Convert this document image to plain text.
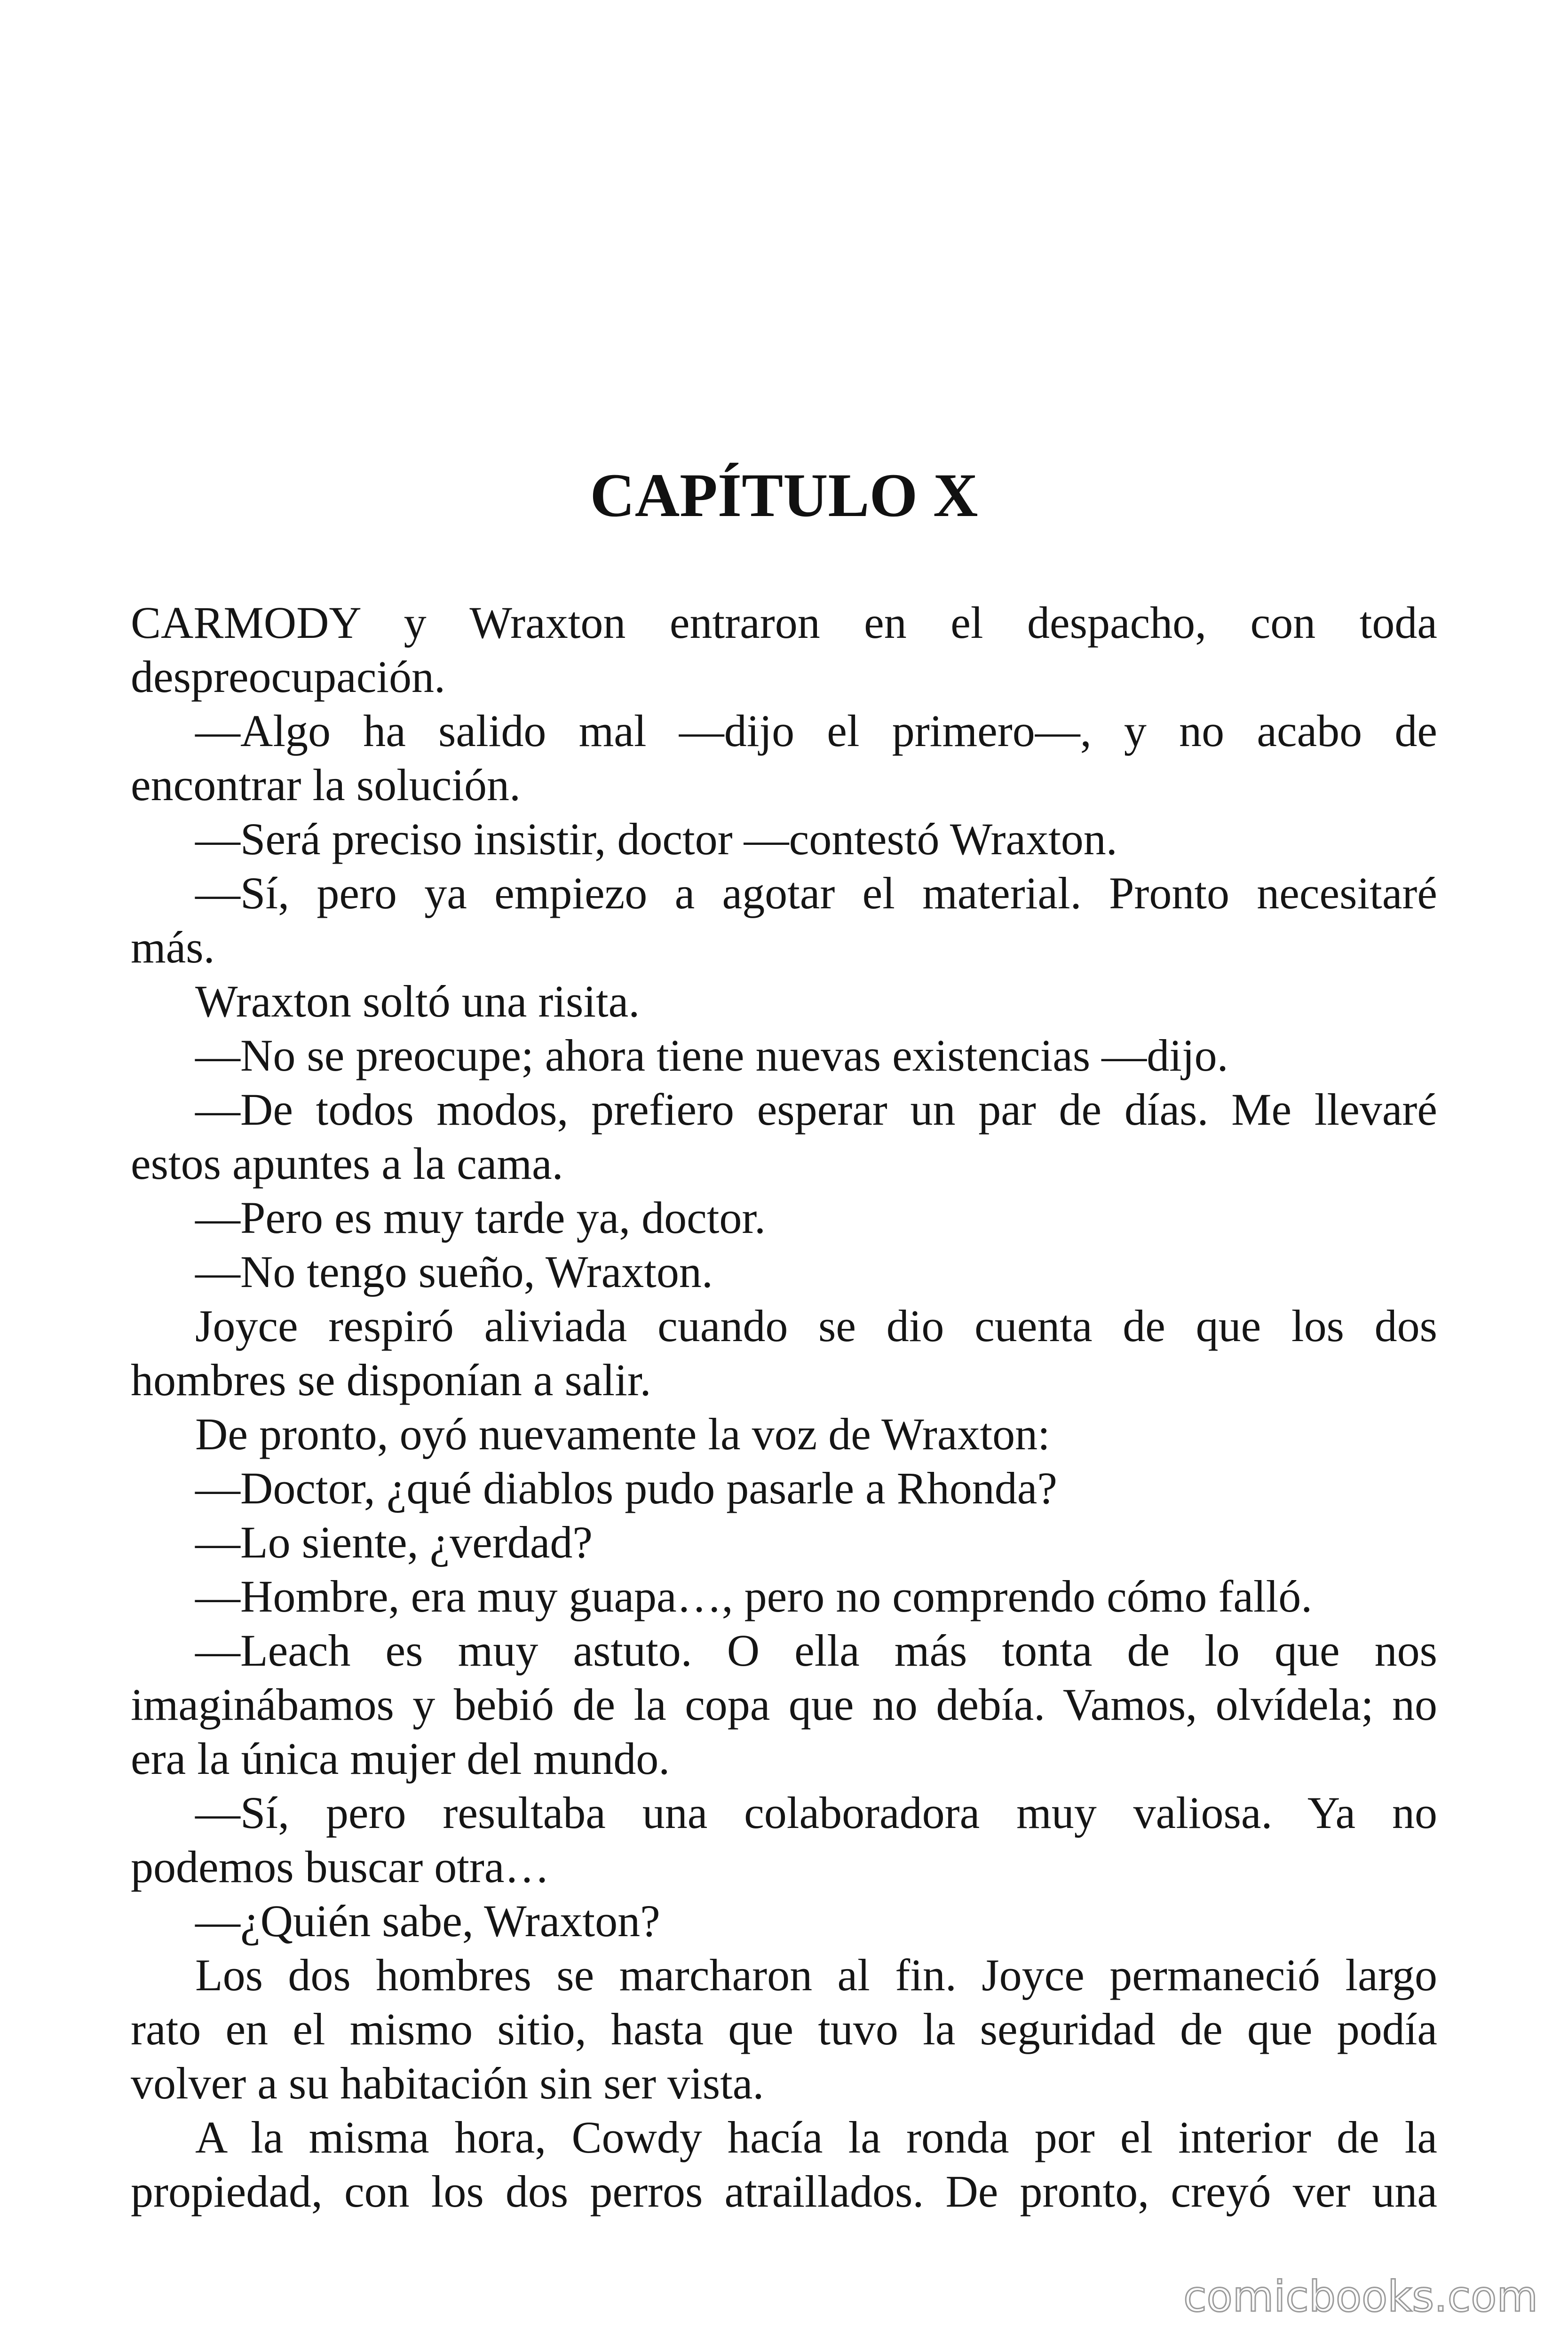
CAPÍTULO X
CARMODY y Wraxton entraron en el despacho, con toda
despreocupación.
—Algo ha salido mal —dijo el primero—, y no acabo de
encontrar la solución.
—Será preciso insistir, doctor —contestó Wraxton.
—Sí, pero ya empiezo a agotar el material. Pronto necesitaré
más.
Wraxton soltó una risita.
—No se preocupe; ahora tiene nuevas existencias —dijo.
—De todos modos, prefiero esperar un par de días. Me llevaré
estos apuntes a la cama.
—Pero es muy tarde ya, doctor.
—No tengo sueño, Wraxton.
Joyce respiró aliviada cuando se dio cuenta de que los dos
hombres se disponían a salir.
De pronto, oyó nuevamente la voz de Wraxton:
—Doctor, ¿qué diablos pudo pasarle a Rhonda?
—Lo siente, ¿verdad?
—Hombre, era muy guapa…, pero no comprendo cómo falló.
—Leach es muy astuto. O ella más tonta de lo que nos
imaginábamos y bebió de la copa que no debía. Vamos, olvídela; no
era la única mujer del mundo.
—Sí, pero resultaba una colaboradora muy valiosa. Ya no
podemos buscar otra…
—¿Quién sabe, Wraxton?
Los dos hombres se marcharon al fin. Joyce permaneció largo
rato en el mismo sitio, hasta que tuvo la seguridad de que podía
volver a su habitación sin ser vista.
A la misma hora, Cowdy hacía la ronda por el interior de la
propiedad, con los dos perros atraillados. De pronto, creyó ver una
comicbooks.com
